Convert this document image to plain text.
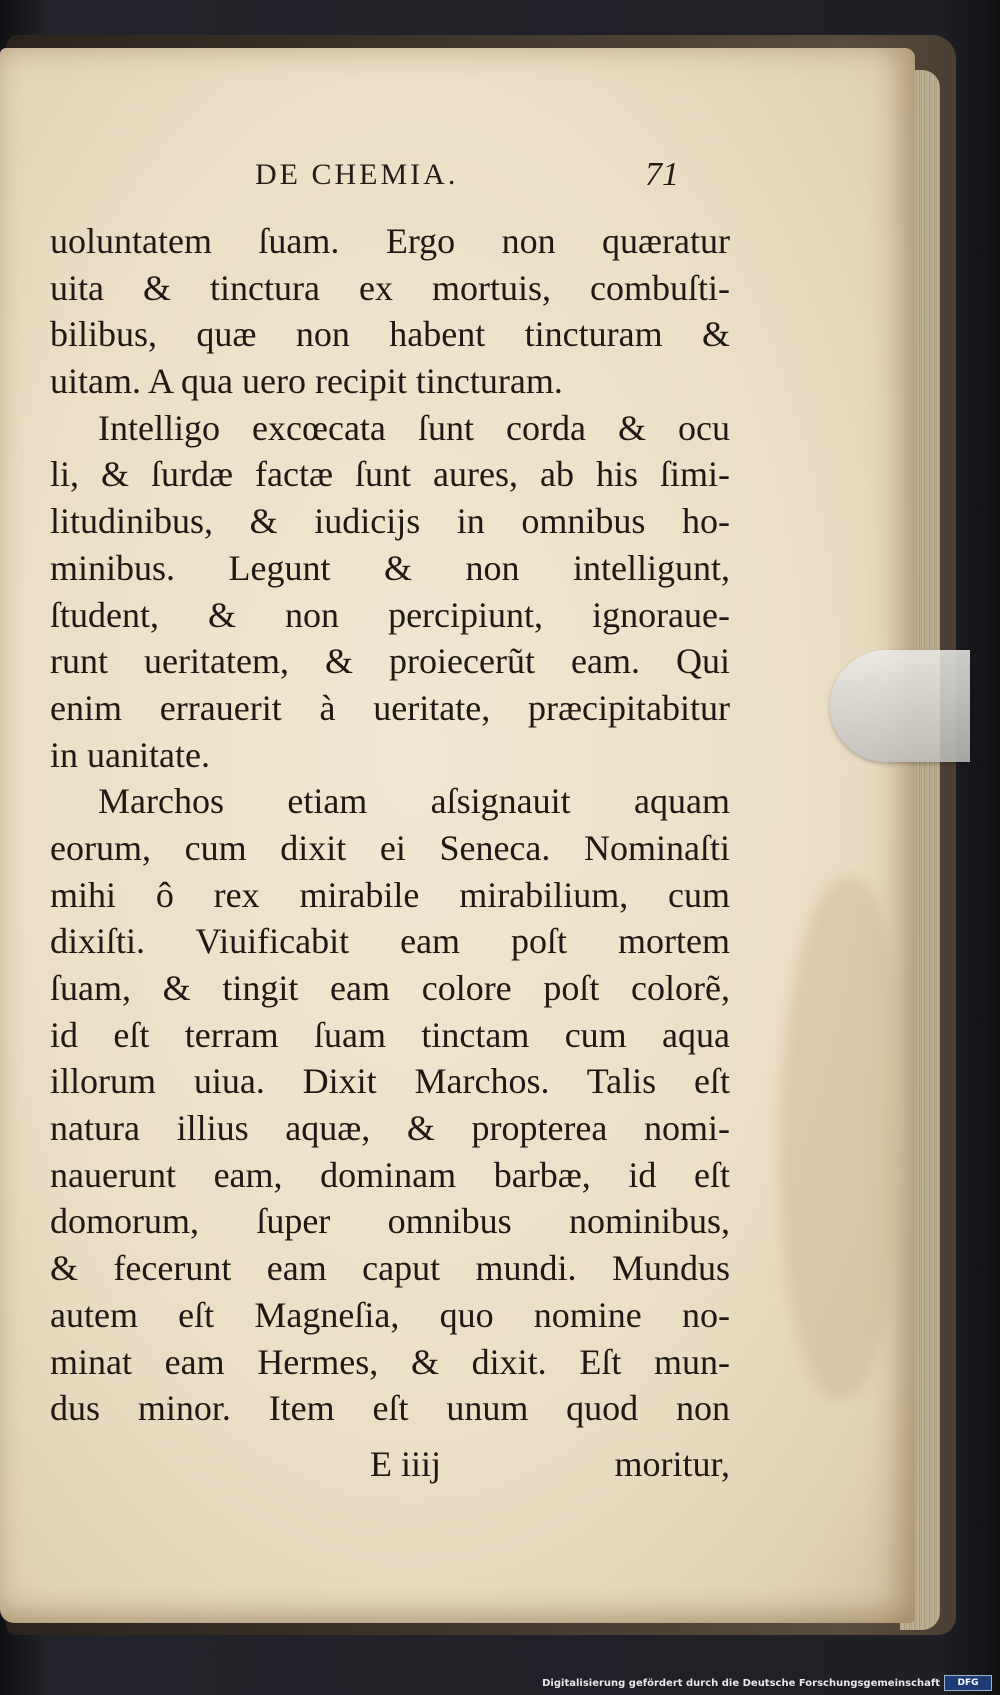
DE CHEMIA.	71
uoluntatem ſuam. Ergo non quæratur
uita & tinctura ex mortuis, combuſti-
bilibus, quæ non habent tincturam &
uitam. A qua uero recipit tincturam.
Intelligo excœcata ſunt corda & ocu
li, & ſurdæ factæ ſunt aures, ab his ſimi-
litudinibus, & iudicijs in omnibus ho-
minibus. Legunt & non intelligunt,
ſtudent, & non percipiunt, ignoraue-
runt ueritatem, & proiecerũt eam. Qui
enim errauerit à ueritate, præcipitabitur
in uanitate.
Marchos etiam aſsignauit aquam
eorum, cum dixit ei Seneca. Nominaſti
mihi ô rex mirabile mirabilium, cum
dixiſti. Viuificabit eam poſt mortem
ſuam, & tingit eam colore poſt colorẽ,
id eſt terram ſuam tinctam cum aqua
illorum uiua. Dixit Marchos. Talis eſt
natura illius aquæ, & propterea nomi-
nauerunt eam, dominam barbæ, id eſt
domorum, ſuper omnibus nominibus,
& fecerunt eam caput mundi. Mundus
autem eſt Magneſia, quo nomine no-
minat eam Hermes, & dixit. Eſt mun-
dus minor. Item eſt unum quod non
E iiij	moritur,
Digitalisierung gefördert durch die Deutsche Forschungsgemeinschaft	DFG
